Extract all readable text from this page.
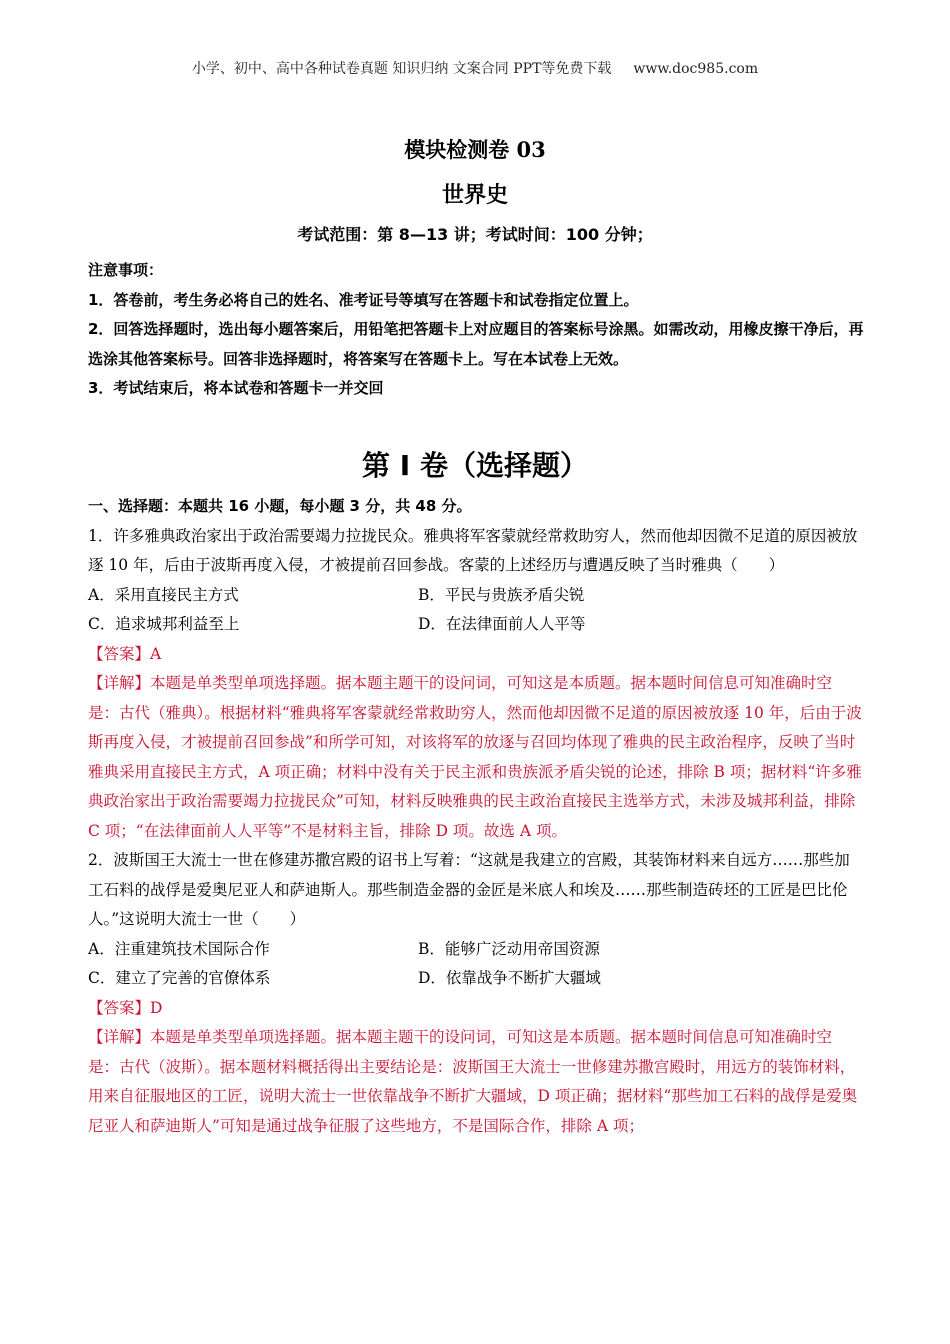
小学、初中、高中各种试卷真题 知识归纳 文案合同 PPT等免费下载 www.doc985.com
模块检测卷 03
世界史
考试范围：第 8—13 讲；考试时间：100 分钟；

注意事项：

1．答卷前，考生务必将自己的姓名、准考证号等填写在答题卡和试卷指定位置上。

2．回答选择题时，选出每小题答案后，用铅笔把答题卡上对应题目的答案标号涂黑。如需改动，用橡皮擦干净后，再选涂其他答案标号。回答非选择题时，将答案写在答题卡上。写在本试卷上无效。

3．考试结束后，将本试卷和答题卡一并交回

第 I 卷（选择题）

一、选择题：本题共 16 小题，每小题 3 分，共 48 分。

1．许多雅典政治家出于政治需要竭力拉拢民众。雅典将军客蒙就经常救助穷人，然而他却因微不足道的原因被放逐 10 年，后由于波斯再度入侵，才被提前召回参战。客蒙的上述经历与遭遇反映了当时雅典（　　）

A．采用直接民主方式	B．平民与贵族矛盾尖锐
C．追求城邦利益至上	D．在法律面前人人平等

【答案】A

【详解】本题是单类型单项选择题。据本题主题干的设问词，可知这是本质题。据本题时间信息可知准确时空是：古代（雅典）。根据材料“雅典将军客蒙就经常救助穷人，然而他却因微不足道的原因被放逐 10 年，后由于波斯再度入侵，才被提前召回参战”和所学可知，对该将军的放逐与召回均体现了雅典的民主政治程序，反映了当时雅典采用直接民主方式，A 项正确；材料中没有关于民主派和贵族派矛盾尖锐的论述，排除 B 项；据材料“许多雅典政治家出于政治需要竭力拉拢民众”可知，材料反映雅典的民主政治直接民主选举方式，未涉及城邦利益，排除 C 项；“在法律面前人人平等”不是材料主旨，排除 D 项。故选 A 项。

2．波斯国王大流士一世在修建苏撒宫殿的诏书上写着：“这就是我建立的宫殿，其装饰材料来自远方……那些加工石料的战俘是爱奥尼亚人和萨迪斯人。那些制造金器的金匠是米底人和埃及……那些制造砖坯的工匠是巴比伦人。”这说明大流士一世（　　）

A．注重建筑技术国际合作	B．能够广泛动用帝国资源
C．建立了完善的官僚体系	D．依靠战争不断扩大疆域

【答案】D

【详解】本题是单类型单项选择题。据本题主题干的设问词，可知这是本质题。据本题时间信息可知准确时空是：古代（波斯）。据本题材料概括得出主要结论是：波斯国王大流士一世修建苏撒宫殿时，用远方的装饰材料，用来自征服地区的工匠，说明大流士一世依靠战争不断扩大疆域，D 项正确；据材料“那些加工石料的战俘是爱奥尼亚人和萨迪斯人”可知是通过战争征服了这些地方，不是国际合作，排除 A 项；
